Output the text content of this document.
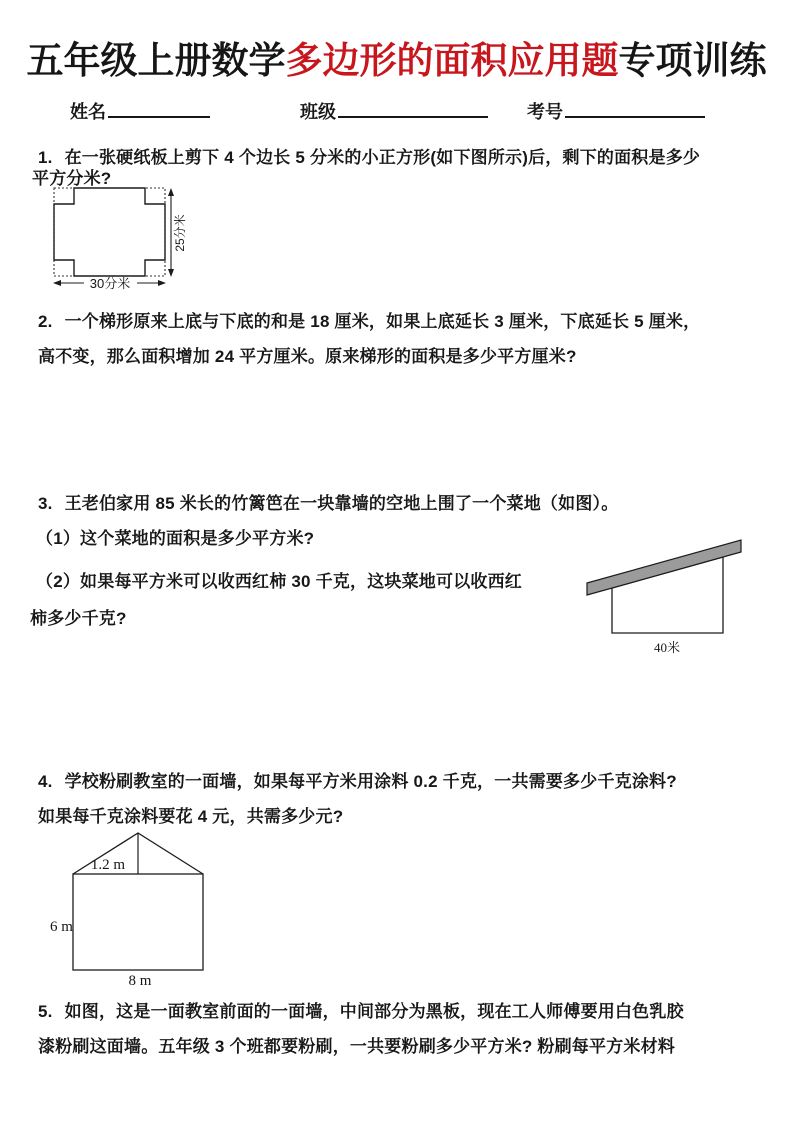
五年级上册数学多边形的面积应用题专项训练
姓名	班级	考号
1. 在一张硬纸板上剪下 4 个边长 5 分米的小正方形(如下图所示)后，剩下的面积是多少
平方分米?
25分米
30分米
2. 一个梯形原来上底与下底的和是 18 厘米，如果上底延长 3 厘米，下底延长 5 厘米，
高不变，那么面积增加 24 平方厘米。原来梯形的面积是多少平方厘米?
3. 王老伯家用 85 米长的竹篱笆在一块靠墙的空地上围了一个菜地（如图）。
（1）这个菜地的面积是多少平方米?
（2）如果每平方米可以收西红柿 30 千克，这块菜地可以收西红
柿多少千克?
40米
4. 学校粉刷教室的一面墙，如果每平方米用涂料 0.2 千克，一共需要多少千克涂料?
如果每千克涂料要花 4 元，共需多少元?
1.2 m
6 m
8 m
5. 如图，这是一面教室前面的一面墙，中间部分为黑板，现在工人师傅要用白色乳胶
漆粉刷这面墙。五年级 3 个班都要粉刷，一共要粉刷多少平方米? 粉刷每平方米材料
